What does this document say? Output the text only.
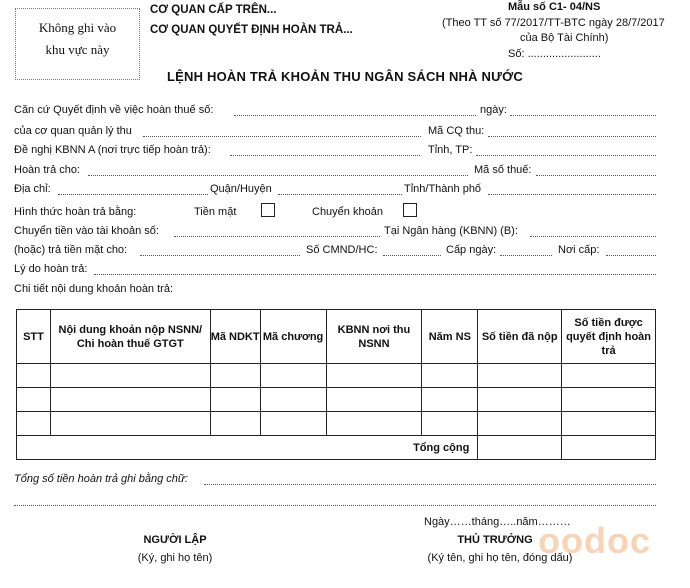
Không ghi vào
khu vực này
CƠ QUAN CẤP TRÊN...
CƠ QUAN QUYẾT ĐỊNH HOÀN TRẢ...
Mẫu số C1- 04/NS
(Theo TT số 77/2017/TT-BTC ngày 28/7/2017
của Bộ Tài Chính)
Số: ........................
LỆNH HOÀN TRẢ KHOẢN THU NGÂN SÁCH NHÀ NƯỚC
Căn cứ Quyết định về việc hoàn thuế số:	ngày:
của cơ quan quản lý thu	Mã CQ thu:
Đề nghị KBNN A (nơi trực tiếp hoàn trả):	Tỉnh, TP:
Hoàn trả cho:	Mã số thuế:
Địa chỉ:	Quận/Huyện	Tỉnh/Thành phố
Hình thức hoàn trả bằng:	Tiền mặt	Chuyển khoản
Chuyển tiền vào tài khoản số:	Tại Ngân hàng (KBNN) (B):
(hoặc) trả tiền mặt cho:	Số CMND/HC:	Cấp ngày:	Nơi cấp:
Lý do hoàn trả:
Chi tiết nội dung khoản hoàn trả:
STT	Nội dung khoản nộp NSNN/ Chi hoàn thuế GTGT	Mã NDKT	Mã chương	KBNN nơi thu NSNN	Năm NS	Số tiền đã nộp	Số tiền được quyết định hoàn trả

Tổng cộng							
Tổng số tiền hoàn trả ghi bằng chữ:
Ngày……tháng…..năm………
NGƯỜI LẬP
(Ký, ghi họ tên)
THỦ TRƯỞNG
(Ký tên, ghi họ tên, đóng dấu)
oodoc
